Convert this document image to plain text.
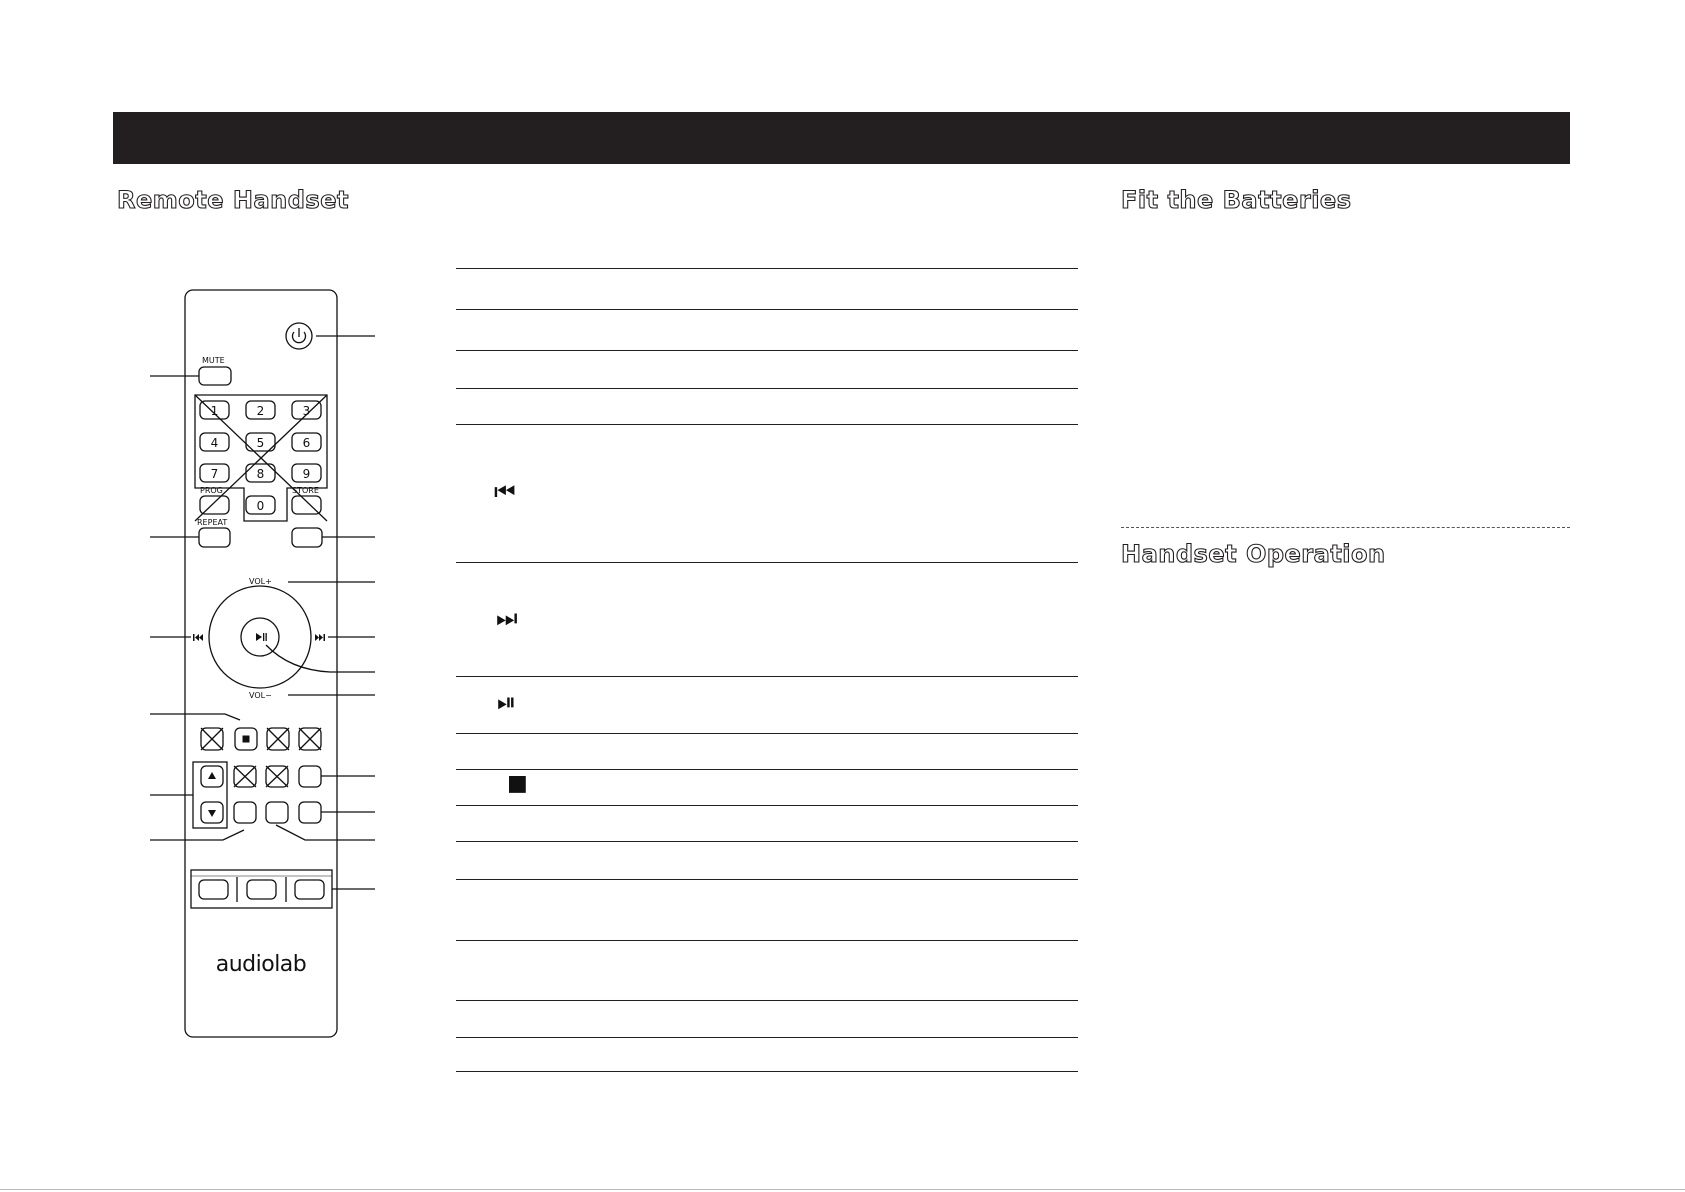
Remote Handset	Fit the Batteries
Handset Operation
MUTE
PROG	STORE
REPEAT
VOL+
VOL−
1	2	3
4	5	6
7	8	9
0
audiolab
⏮
⏭
⏯
■
